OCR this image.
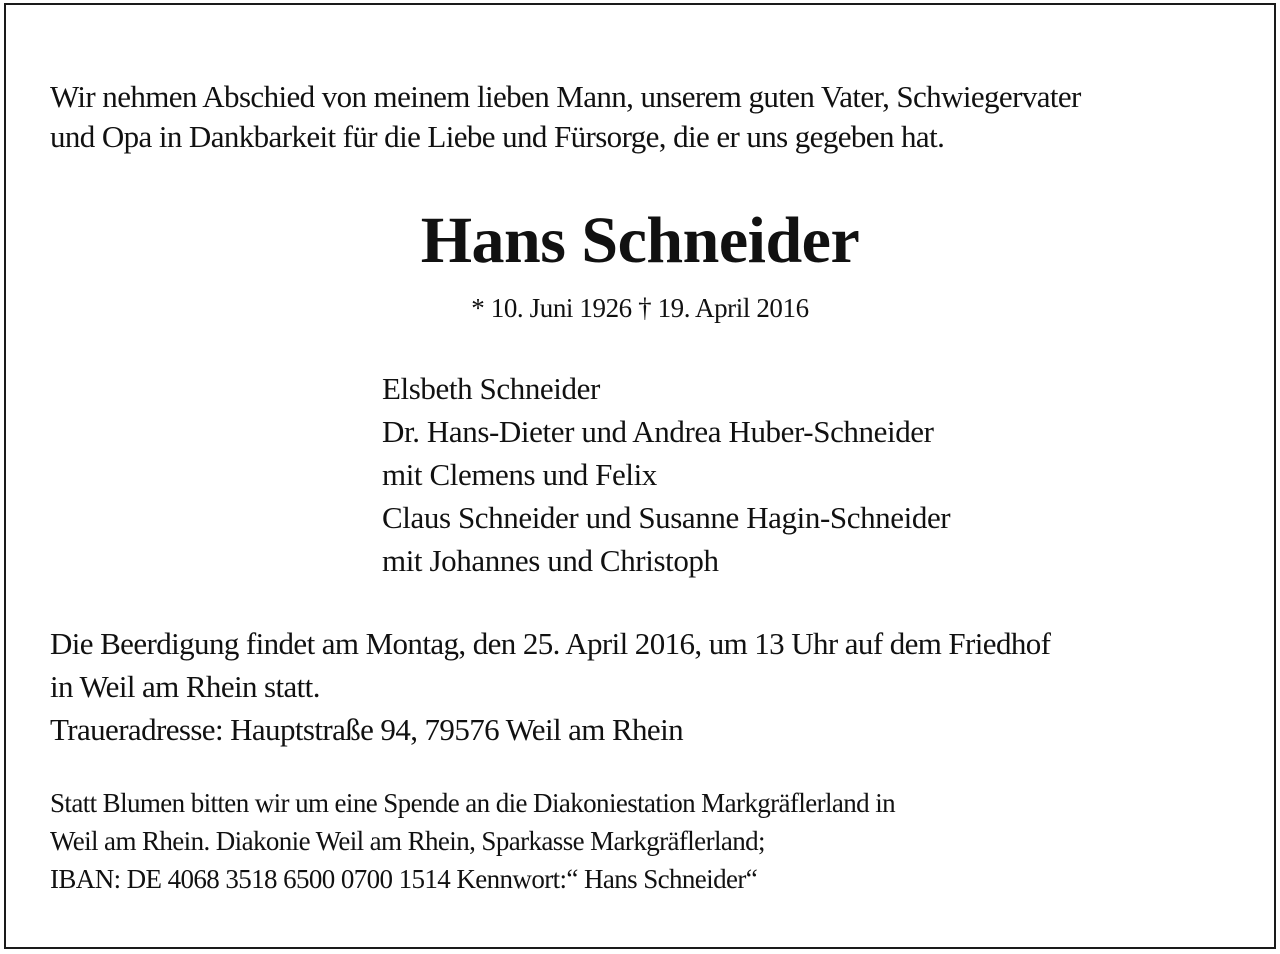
Wir nehmen Abschied von meinem lieben Mann, unserem guten Vater, Schwiegervater
und Opa in Dankbarkeit für die Liebe und Fürsorge, die er uns gegeben hat.

Hans Schneider

* 10. Juni 1926 † 19. April 2016

Elsbeth Schneider
Dr. Hans-Dieter und Andrea Huber-Schneider
mit Clemens und Felix
Claus Schneider und Susanne Hagin-Schneider
mit Johannes und Christoph

Die Beerdigung findet am Montag, den 25. April 2016, um 13 Uhr auf dem Friedhof
in Weil am Rhein statt.
Traueradresse: Hauptstraße 94, 79576 Weil am Rhein

Statt Blumen bitten wir um eine Spende an die Diakoniestation Markgräflerland in
Weil am Rhein. Diakonie Weil am Rhein, Sparkasse Markgräflerland;
IBAN: DE 4068 3518 6500 0700 1514 Kennwort:“ Hans Schneider“
